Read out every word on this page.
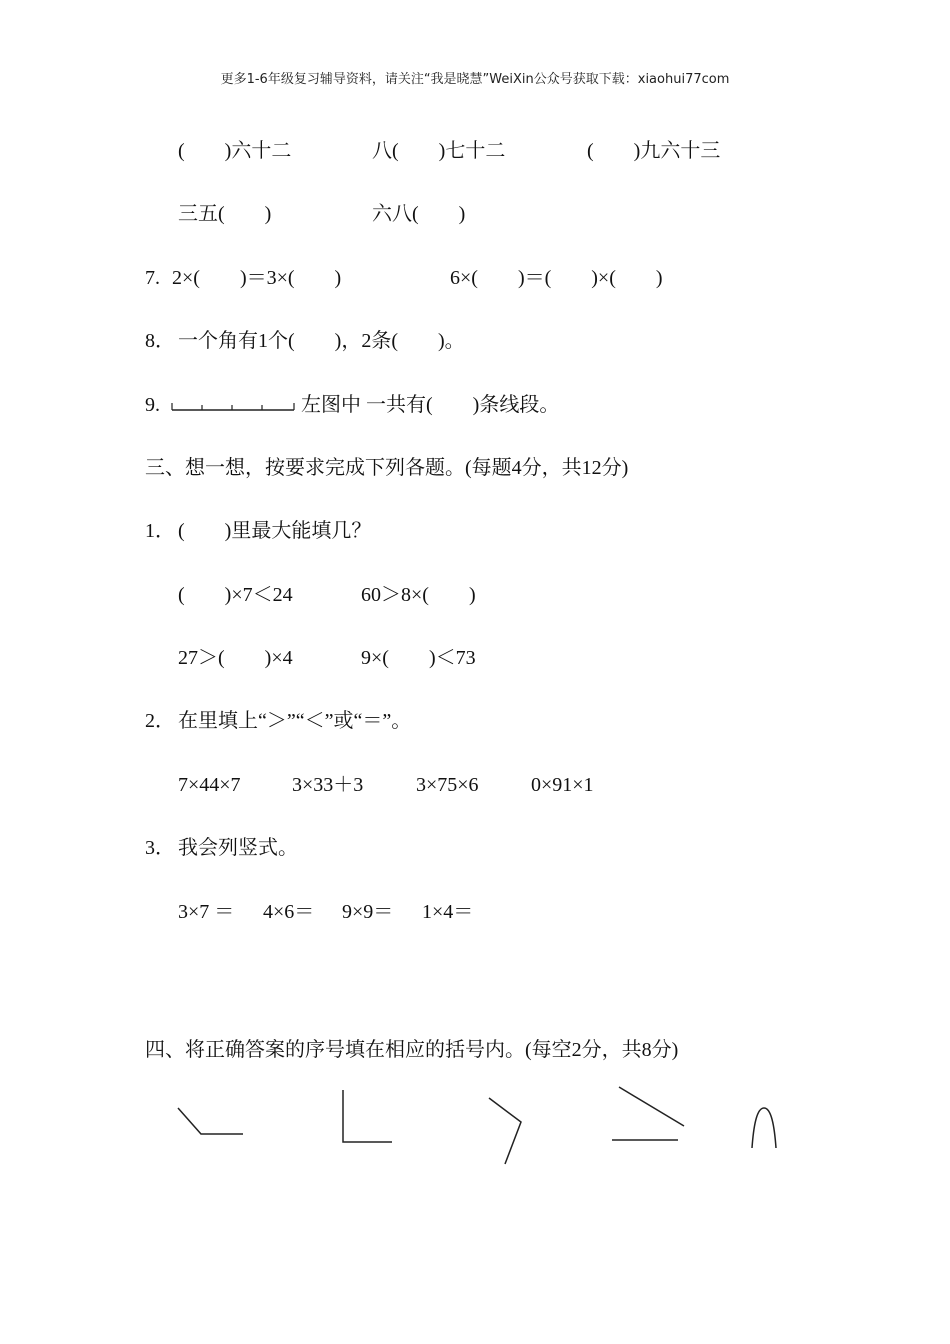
更多1-6年级复习辅导资料，请关注“我是晓慧”WeiXin公众号获取下载：xiaohui77com
(　　)六十二	八(　　)七十二	(　　)九六十三
三五(　　)	六八(　　)
7. 2×(　　)＝3×(　　)	6×(　　)＝(　　)×(　　)
8． 一个角有1个(　　)，2条(　　)。
9.	左图中 一共有(　　)条线段。
三、想一想，按要求完成下列各题。(每题4分，共12分)
1． (　　)里最大能填几？
(　　)×7＜24	60＞8×(　　)
27＞(　　)×4	9×(　　)＜73
2． 在里填上“＞”“＜”或“＝”。
7×44×7	3×33＋3	3×75×6	0×91×1
3． 我会列竖式。
3×7 ＝ 4×6＝ 9×9＝ 1×4＝
四、将正确答案的序号填在相应的括号内。(每空2分，共8分)
